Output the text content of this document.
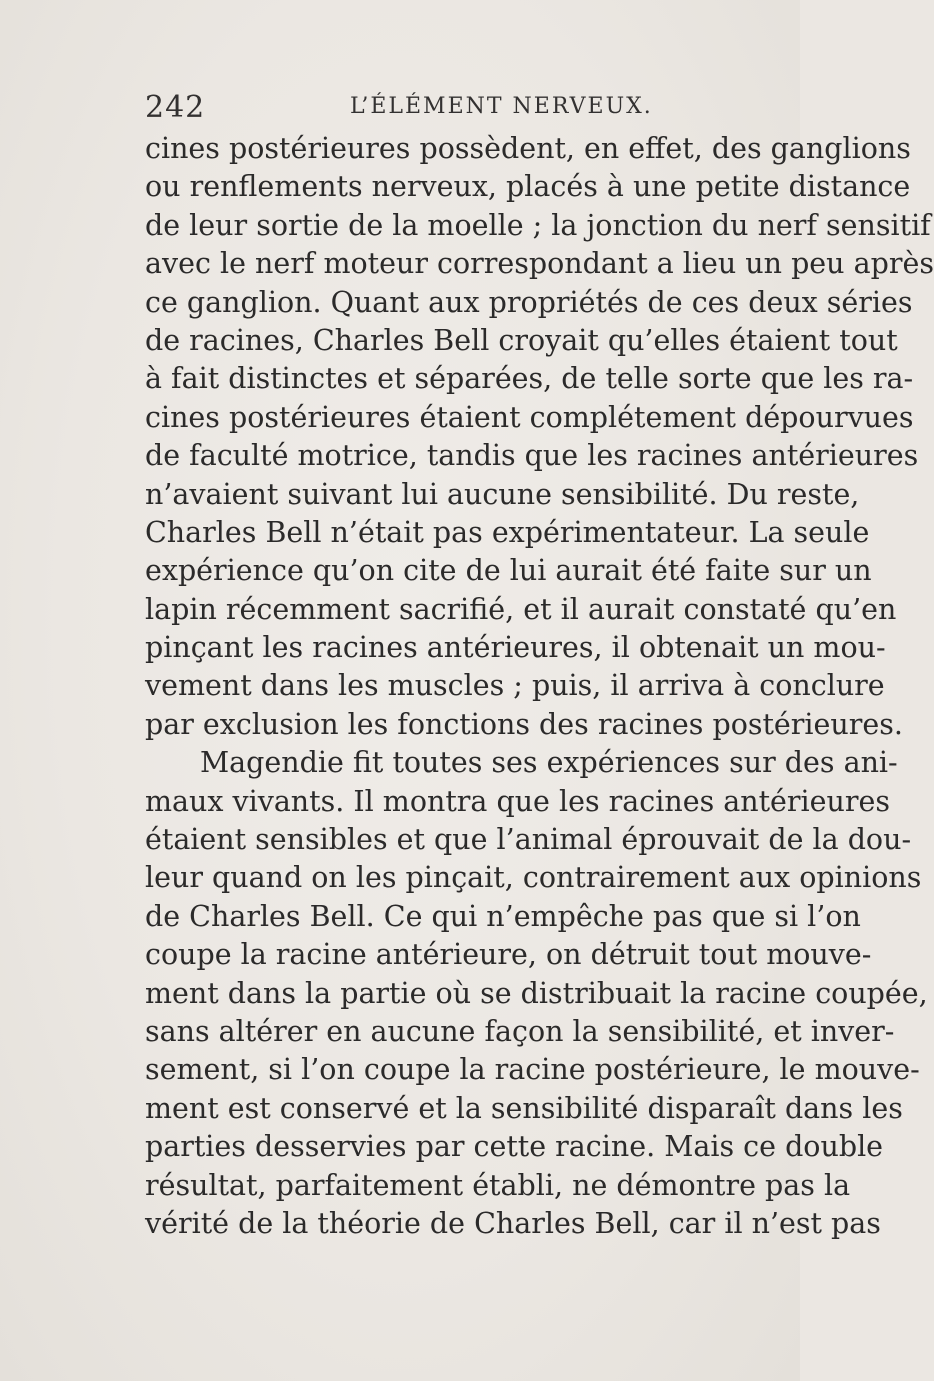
242	L’ÉLÉMENT NERVEUX.
cines postérieures possèdent, en effet, des ganglions
ou renflements nerveux, placés à une petite distance
de leur sortie de la moelle ; la jonction du nerf sensitif
avec le nerf moteur correspondant a lieu un peu après
ce ganglion. Quant aux propriétés de ces deux séries
de racines, Charles Bell croyait qu’elles étaient tout
à fait distinctes et séparées, de telle sorte que les ra-
cines postérieures étaient complétement dépourvues
de faculté motrice, tandis que les racines antérieures
n’avaient suivant lui aucune sensibilité. Du reste,
Charles Bell n’était pas expérimentateur. La seule
expérience qu’on cite de lui aurait été faite sur un
lapin récemment sacrifié, et il aurait constaté qu’en
pinçant les racines antérieures, il obtenait un mou-
vement dans les muscles ; puis, il arriva à conclure
par exclusion les fonctions des racines postérieures.
Magendie fit toutes ses expériences sur des ani-
maux vivants. Il montra que les racines antérieures
étaient sensibles et que l’animal éprouvait de la dou-
leur quand on les pinçait, contrairement aux opinions
de Charles Bell. Ce qui n’empêche pas que si l’on
coupe la racine antérieure, on détruit tout mouve-
ment dans la partie où se distribuait la racine coupée,
sans altérer en aucune façon la sensibilité, et inver-
sement, si l’on coupe la racine postérieure, le mouve-
ment est conservé et la sensibilité disparaît dans les
parties desservies par cette racine. Mais ce double
résultat, parfaitement établi, ne démontre pas la
vérité de la théorie de Charles Bell, car il n’est pas
